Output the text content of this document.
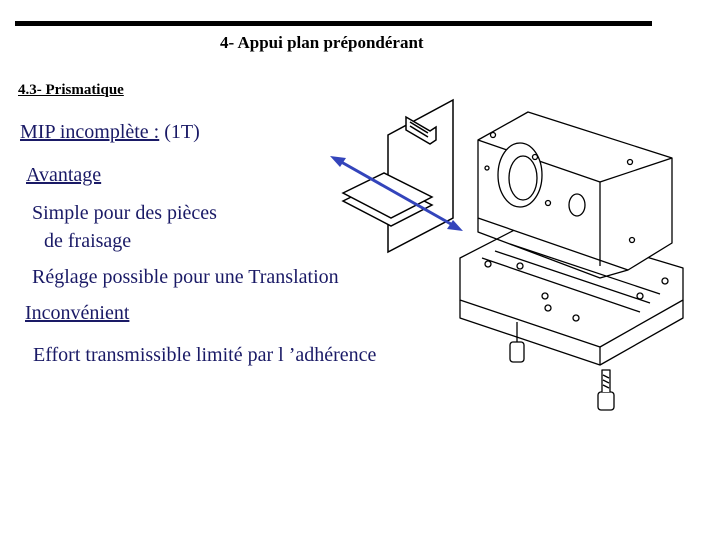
4- Appui plan prépondérant
4.3- Prismatique
MIP incomplète : (1T)
Avantage
Simple pour des pièces
de fraisage
Réglage possible pour une Translation
Inconvénient
Effort transmissible limité par l ’adhérence
